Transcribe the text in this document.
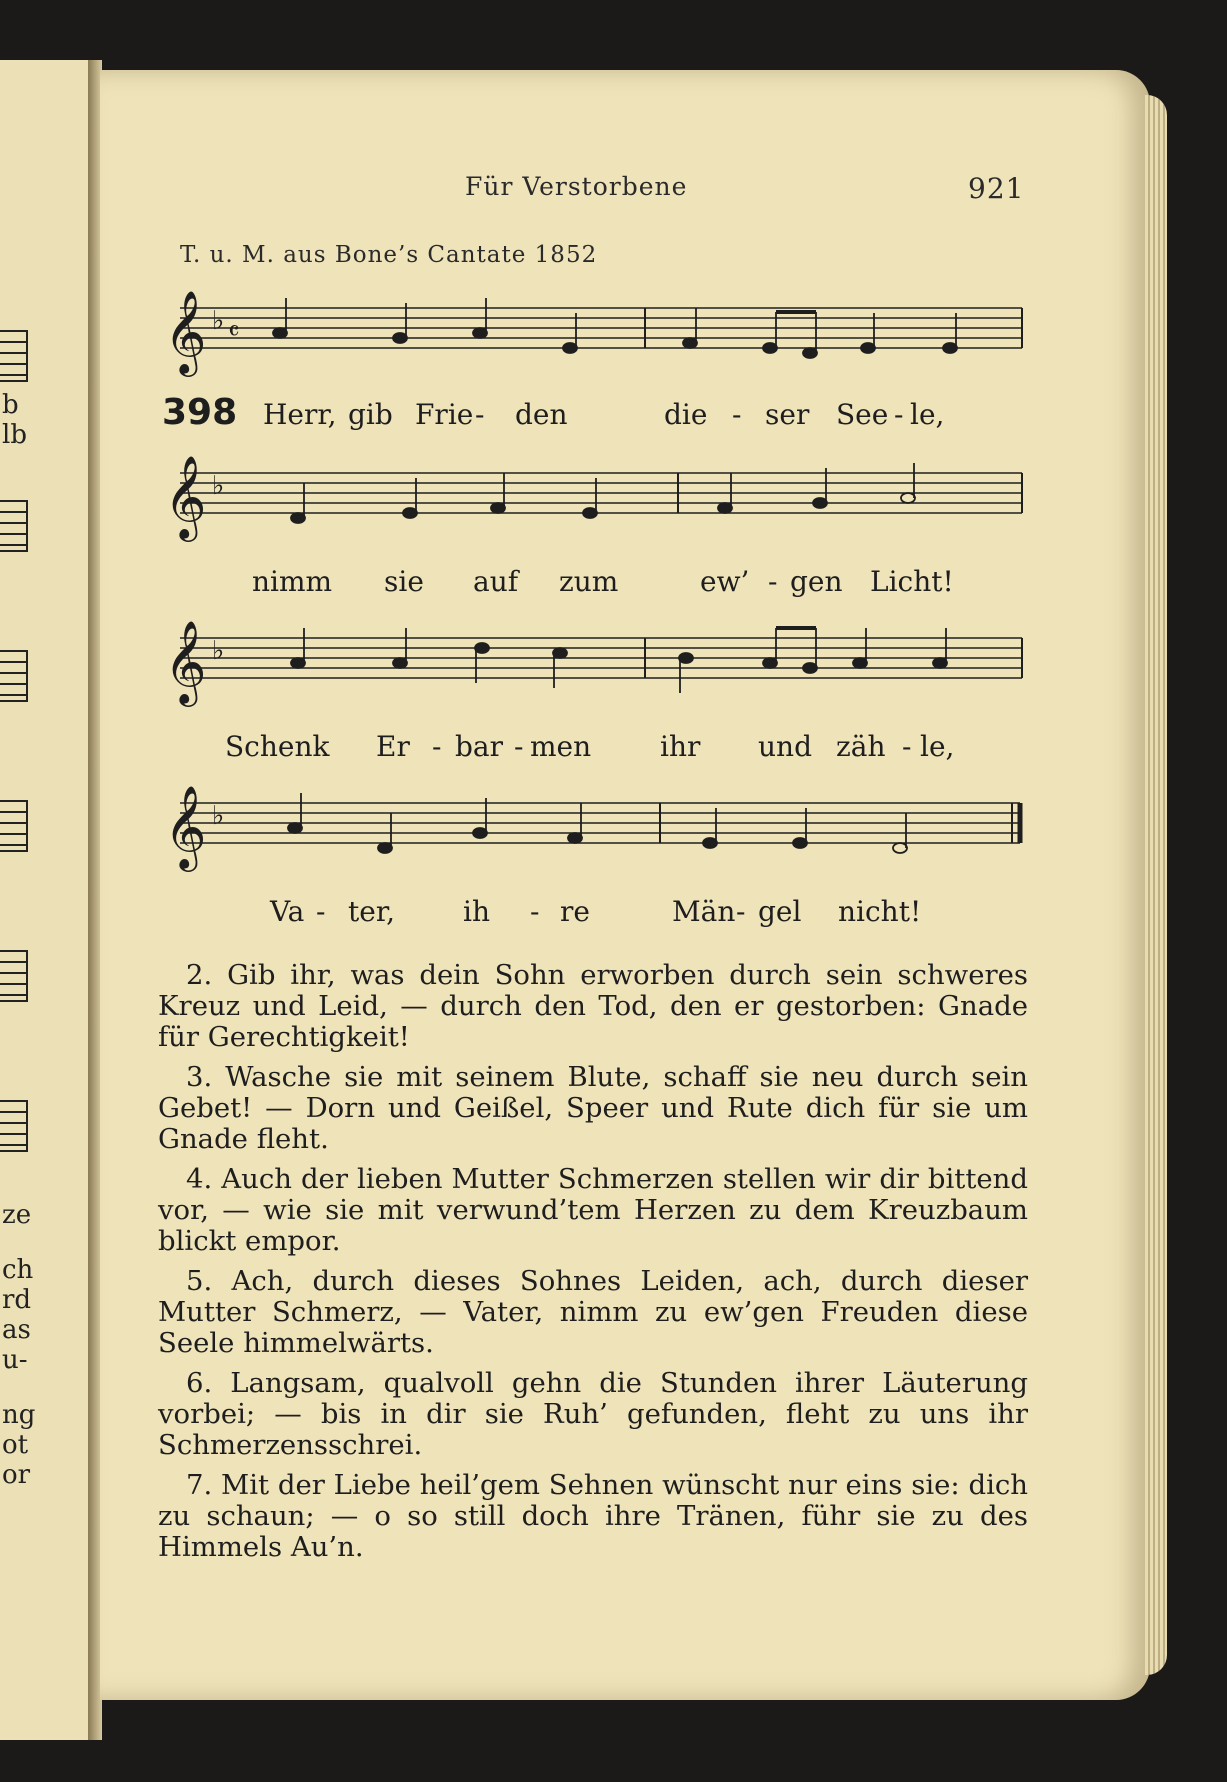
b
lb
ze
ch
rd
as
u-
ng
ot
or
Für Verstorbene	921
T. u. M. aus Bone’s Cantate 1852
398
𝄞 ♭ 𝄴
Herr, gib Frie - den	die - ser See - le,
𝄞 ♭
nimm sie auf zum	ew’ - gen Licht!
𝄞 ♭
Schenk Er - bar - men ihr und zäh - le,
𝄞 ♭
Va - ter, ih - re	Män - gel nicht!

2. Gib ihr, was dein Sohn erworben durch sein schweres Kreuz und Leid, — durch den Tod, den er gestorben: Gnade für Gerechtigkeit!

3. Wasche sie mit seinem Blute, schaff sie neu durch sein Gebet! — Dorn und Geißel, Speer und Rute dich für sie um Gnade fleht.

4. Auch der lieben Mutter Schmerzen stellen wir dir bittend vor, — wie sie mit verwund’tem Herzen zu dem Kreuzbaum blickt empor.

5. Ach, durch dieses Sohnes Leiden, ach, durch dieser Mutter Schmerz, — Vater, nimm zu ew’gen Freuden diese Seele himmelwärts.

6. Langsam, qualvoll gehn die Stunden ihrer Läuterung vorbei; — bis in dir sie Ruh’ gefunden, fleht zu uns ihr Schmerzensschrei.

7. Mit der Liebe heil’gem Sehnen wünscht nur eins sie: dich zu schaun; — o so still doch ihre Tränen, führ sie zu des Himmels Au’n.
